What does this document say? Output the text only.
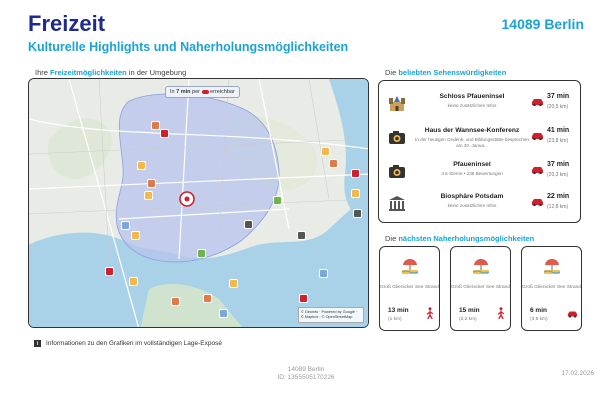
Freizeit	14089 Berlin
Kulturelle Highlights und Naherholungsmöglichkeiten
Ihre Freizeitmöglichkeiten in der Umgebung
In 7 min per  erreichbar
© Geoinfo · Powered by Google · © Mapbox · © OpenStreetMap
i	Informationen zu den Grafiken im vollständigen Lage-Exposé
Die beliebten Sehenswürdigkeiten
Schloss Pfaueninsel
keine zusätzlichen Infos
37 min
(20,5 km)
Haus der Wannsee-Konferenz
In der heutigen Gedenk- und Bildungsstätte besprechen am 20. Janua...
41 min
(23,8 km)
Pfaueninsel
4.5 Sterne • 236 Bewertungen
37 min
(20,3 km)
Biosphäre Potsdam
keine zusätzlichen Infos
22 min
(12,8 km)
Die nächsten Naherholungsmöglichkeiten
Groß Glienicker See Strand
13 min
(1 km)
Groß Glienicker See Strand
15 min
(2,2 km)
Groß Glienicker See Strand
6 min
(3,9 km)
14089 Berlin
ID: 1355505170226
17.02.2026
